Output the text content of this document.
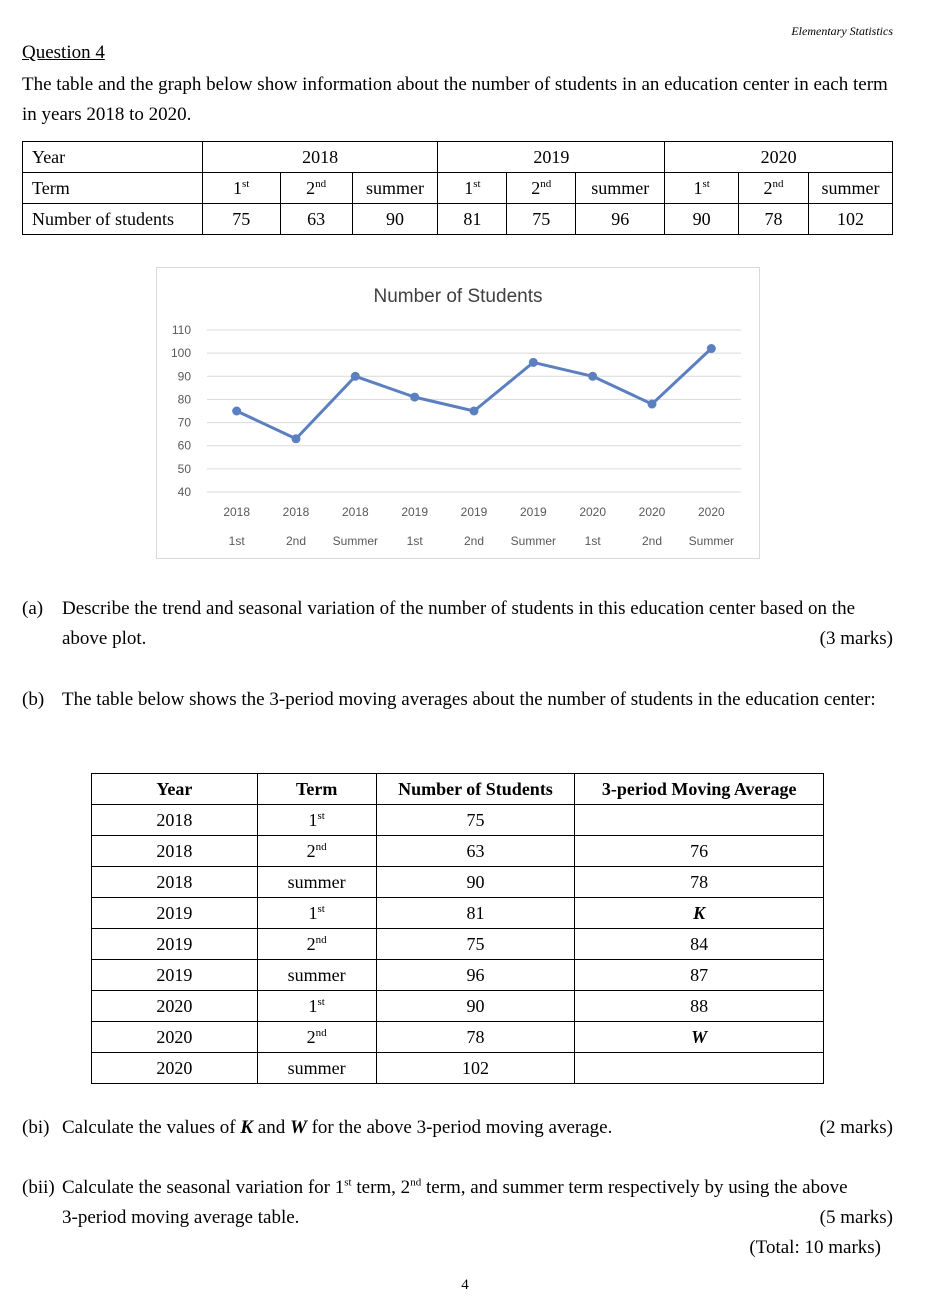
Elementary Statistics
Question 4
The table and the graph below show information about the number of students in an education center in each term in years 2018 to 2020.
Year	2018			2019			2020		
Term	1st	2nd	summer	1st	2nd	summer	1st	2nd	summer
Number of students	75	63	90	81	75	96	90	78	102
Number of Students
40
50
60
70
80
90
100
110
2018
1st
2018
2nd
2018
Summer
2019
1st
2019
2nd
2019
Summer
2020
1st
2020
2nd
2020
Summer
(a) Describe the trend and seasonal variation of the number of students in this education center based on the above plot.	(3 marks)
(b) The table below shows the 3-period moving averages about the number of students in the education center:
Year	Term	Number of Students	3-period Moving Average
2018	1st	75	
2018	2nd	63	76
2018	summer	90	78
2019	1st	81	K
2019	2nd	75	84
2019	summer	96	87
2020	1st	90	88
2020	2nd	78	W
2020	summer	102	
(bi) Calculate the values of K and W for the above 3-period moving average.	(2 marks)
(bii) Calculate the seasonal variation for 1st term, 2nd term, and summer term respectively by using the above
3-period moving average table.	(5 marks)
(Total: 10 marks)
4
